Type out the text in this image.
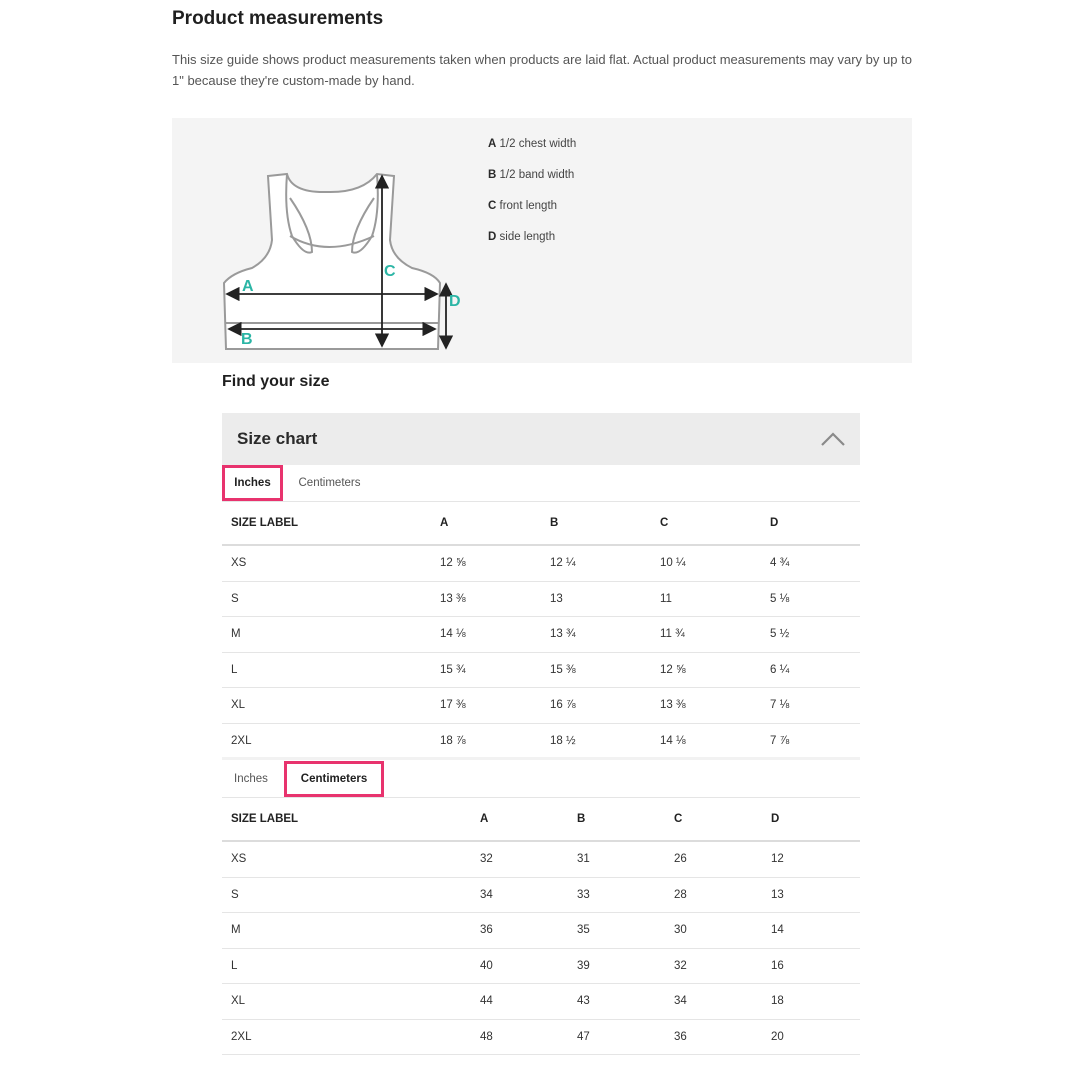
Product measurements
This size guide shows product measurements taken when products are laid flat. Actual product measurements may vary by up to 1" because they're custom-made by hand.
A
B
C
D
A 1/2 chest width
B 1/2 band width
C front length
D side length
Find your size
Size chart
Inches	Centimeters
SIZE LABEL	A	B	C	D
XS	12 ⅝	12 ¼	10 ¼	4 ¾
S	13 ⅜	13	11	5 ⅛
M	14 ⅛	13 ¾	11 ¾	5 ½
L	15 ¾	15 ⅜	12 ⅝	6 ¼
XL	17 ⅜	16 ⅞	13 ⅜	7 ⅛
2XL	18 ⅞	18 ½	14 ⅛	7 ⅞
Inches	Centimeters
SIZE LABEL	A	B	C	D
XS	32	31	26	12
S	34	33	28	13
M	36	35	30	14
L	40	39	32	16
XL	44	43	34	18
2XL	48	47	36	20
